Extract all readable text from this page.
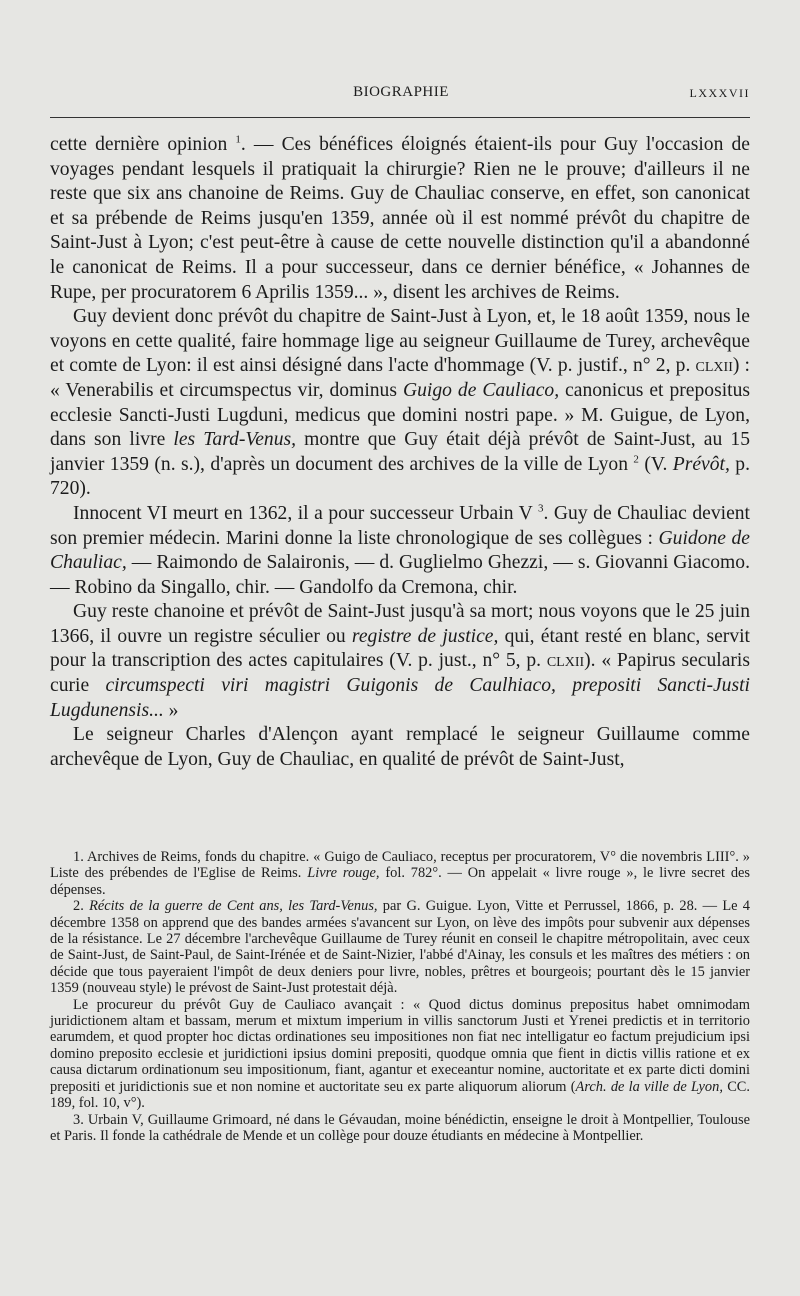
BIOGRAPHIE	LXXXVII

cette dernière opinion $^1$. — Ces bénéfices éloignés étaient-ils pour Guy l'occasion de voyages pendant lesquels il pratiquait la chirurgie? Rien ne le prouve; d'ailleurs il ne reste que six ans chanoine de Reims. Guy de Chauliac conserve, en effet, son canonicat et sa prébende de Reims jusqu'en 1359, année où il est nommé prévôt du chapitre de Saint-Just à Lyon; c'est peut-être à cause de cette nouvelle distinction qu'il a abandonné le canonicat de Reims. Il a pour successeur, dans ce dernier bénéfice, « Johannes de Rupe, per procuratorem 6 Aprilis 1359... », disent les archives de Reims.

Guy devient donc prévôt du chapitre de Saint-Just à Lyon, et, le 18 août 1359, nous le voyons en cette qualité, faire hommage lige au seigneur Guillaume de Turey, archevêque et comte de Lyon: il est ainsi désigné dans l'acte d'hommage (V. p. justif., n° 2, p. clxii) : « Venerabilis et circumspectus vir, dominus Guigo de Cauliaco, canonicus et prepositus ecclesie Sancti-Justi Lugduni, medicus que domini nostri pape. » M. Guigue, de Lyon, dans son livre les Tard-Venus, montre que Guy était déjà prévôt de Saint-Just, au 15 janvier 1359 (n. s.), d'après un document des archives de la ville de Lyon $^2$ (V. Prévôt, p. 720).

Innocent VI meurt en 1362, il a pour successeur Urbain V $^3$. Guy de Chauliac devient son premier médecin. Marini donne la liste chronologique de ses collègues : Guidone de Chauliac, — Raimondo de Salaironis, — d. Guglielmo Ghezzi, — s. Giovanni Giacomo. — Robino da Singallo, chir. — Gandolfo da Cremona, chir.

Guy reste chanoine et prévôt de Saint-Just jusqu'à sa mort; nous voyons que le 25 juin 1366, il ouvre un registre séculier ou registre de justice, qui, étant resté en blanc, servit pour la transcription des actes capitulaires (V. p. just., n° 5, p. clxii). « Papirus secularis curie circumspecti viri magistri Guigonis de Caulhiaco, prepositi Sancti-Justi Lugdunensis... »

Le seigneur Charles d'Alençon ayant remplacé le seigneur Guillaume comme archevêque de Lyon, Guy de Chauliac, en qualité de prévôt de Saint-Just,

1. Archives de Reims, fonds du chapitre. « Guigo de Cauliaco, receptus per procuratorem, V° die novembris LIII°. » Liste des prébendes de l'Eglise de Reims. Livre rouge, fol. 782°. — On appelait « livre rouge », le livre secret des dépenses.

2. Récits de la guerre de Cent ans, les Tard-Venus, par G. Guigue. Lyon, Vitte et Perrussel, 1866, p. 28. — Le 4 décembre 1358 on apprend que des bandes armées s'avancent sur Lyon, on lève des impôts pour subvenir aux dépenses de la résistance. Le 27 décembre l'archevêque Guillaume de Turey réunit en conseil le chapitre métropolitain, avec ceux de Saint-Just, de Saint-Paul, de Saint-Irénée et de Saint-Nizier, l'abbé d'Ainay, les consuls et les maîtres des métiers : on décide que tous payeraient l'impôt de deux deniers pour livre, nobles, prêtres et bourgeois; pourtant dès le 15 janvier 1359 (nouveau style) le prévost de Saint-Just protestait déjà.

Le procureur du prévôt Guy de Cauliaco avançait : « Quod dictus dominus prepositus habet omnimodam juridictionem altam et bassam, merum et mixtum imperium in villis sanctorum Justi et Yrenei predictis et in territorio earumdem, et quod propter hoc dictas ordinationes seu impositiones non fiat nec intelligatur eo factum prejudicium ipsi domino preposito ecclesie et juridictioni ipsius domini prepositi, quodque omnia que fient in dictis villis ratione et ex causa dictarum ordinationum seu impositionum, fiant, agantur et execeantur nomine, auctoritate et ex parte dicti domini prepositi et juridictionis sue et non nomine et auctoritate seu ex parte aliquorum aliorum (Arch. de la ville de Lyon, CC. 189, fol. 10, v°).

3. Urbain V, Guillaume Grimoard, né dans le Gévaudan, moine bénédictin, enseigne le droit à Montpellier, Toulouse et Paris. Il fonde la cathédrale de Mende et un collège pour douze étudiants en médecine à Montpellier.
